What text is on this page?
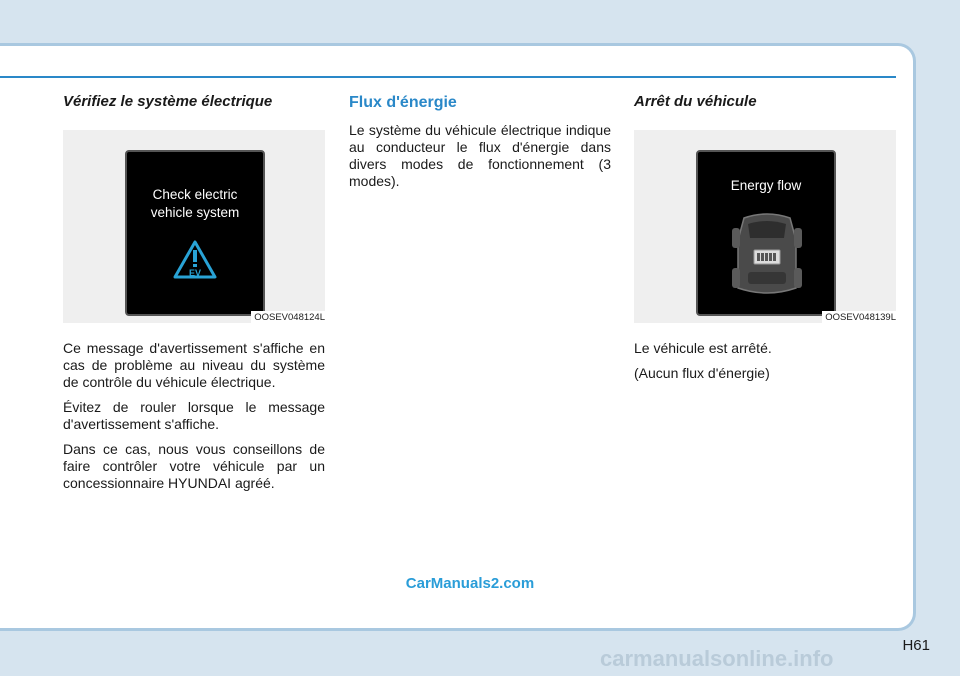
Vérifiez le système électrique
Check electric
vehicle system
EV
OOSEV048124L

Ce message d'avertissement s'affiche en cas de problème au niveau du système de contrôle du véhicule électrique.

Évitez de rouler lorsque le message d'avertissement s'affiche.

Dans ce cas, nous vous conseillons de faire contrôler votre véhicule par un concessionnaire HYUNDAI agréé.

Flux d'énergie

Le système du véhicule électrique indique au conducteur le flux d'énergie dans divers modes de fonctionnement (3 modes).

Arrêt du véhicule
Energy flow
OOSEV048139L

Le véhicule est arrêté.

(Aucun flux d'énergie)

CarManuals2.com
H61
carmanualsonline.info
